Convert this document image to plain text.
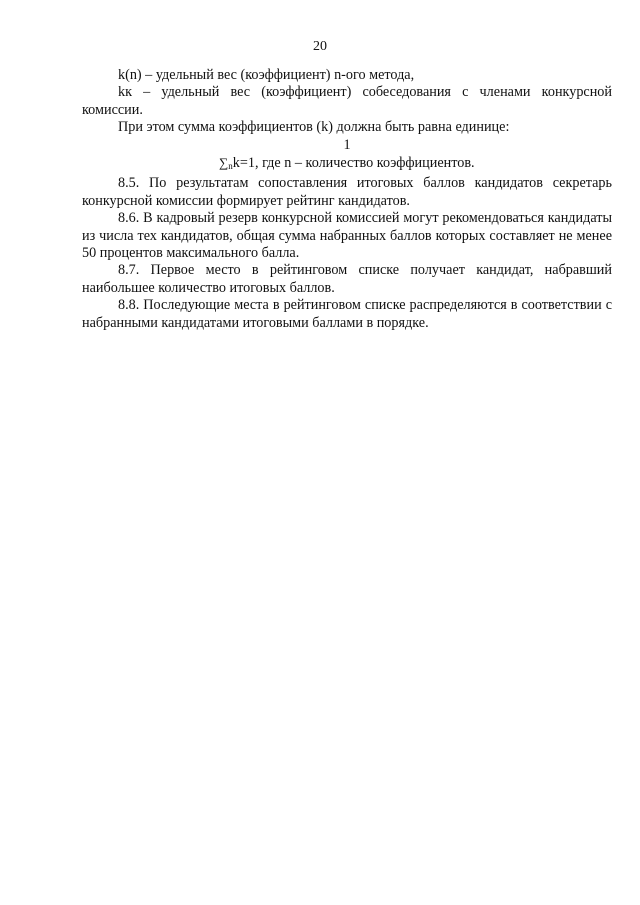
20

k(n) – удельный вес (коэффициент) n-ого метода,

kк – удельный вес (коэффициент) собеседования с членами конкурсной комиссии.

При этом сумма коэффициентов (k) должна быть равна единице:

1

∑nk=1, где n – количество коэффициентов.

8.5. По результатам сопоставления итоговых баллов кандидатов секретарь конкурсной комиссии формирует рейтинг кандидатов.

8.6. В кадровый резерв конкурсной комиссией могут рекомендоваться кандидаты из числа тех кандидатов, общая сумма набранных баллов которых составляет не менее 50 процентов максимального балла.

8.7. Первое место в рейтинговом списке получает кандидат, набравший наибольшее количество итоговых баллов.

8.8. Последующие места в рейтинговом списке распределяются в соответствии с набранными кандидатами итоговыми баллами в порядке.
